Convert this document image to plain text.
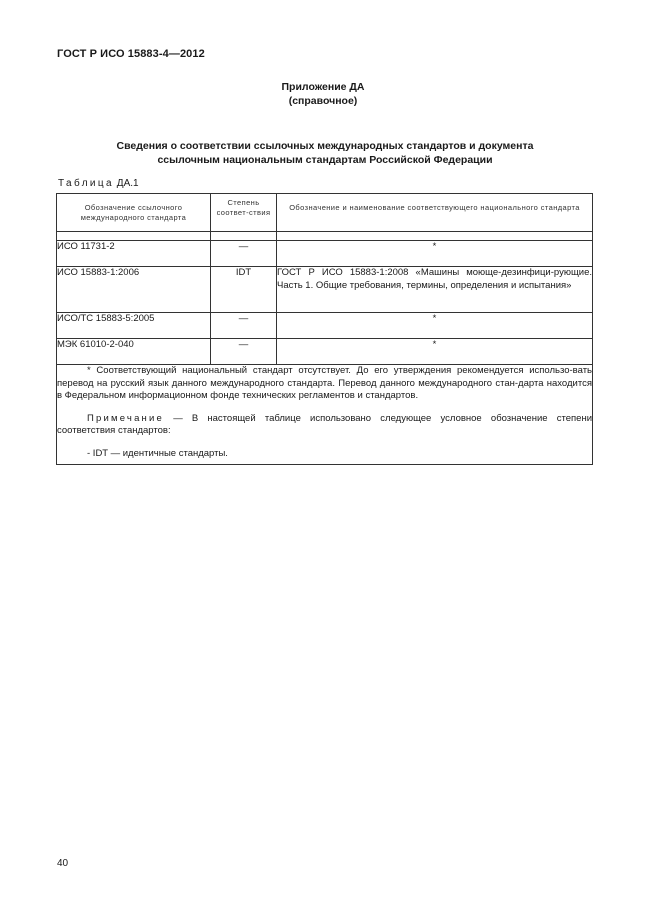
ГОСТ Р ИСО 15883-4—2012
Приложение ДА
(справочное)
Сведения о соответствии ссылочных международных стандартов и документа
ссылочным национальным стандартам Российской Федерации
Таблица ДА.1
Обозначение ссылочного международного стандарта	Степень соответ-ствия	Обозначение и наименование соответствующего национального стандарта

ИСО 11731-2	—	*
ИСО 15883-1:2006	IDT	ГОСТ Р ИСО 15883-1:2008 «Машины моюще-дезинфици-рующие. Часть 1. Общие требования, термины, определения и испытания»
ИСО/ТС 15883-5:2005	—	*
МЭК 61010-2-040	—	*

* Соответствующий национальный стандарт отсутствует. До его утверждения рекомендуется использо-вать перевод на русский язык данного международного стандарта. Перевод данного международного стан-дарта находится в Федеральном информационном фонде технических регламентов и стандартов.

Примечание — В настоящей таблице использовано следующее условное обозначение степени соответствия стандартов:

- IDT — идентичные стандарты.		

40
